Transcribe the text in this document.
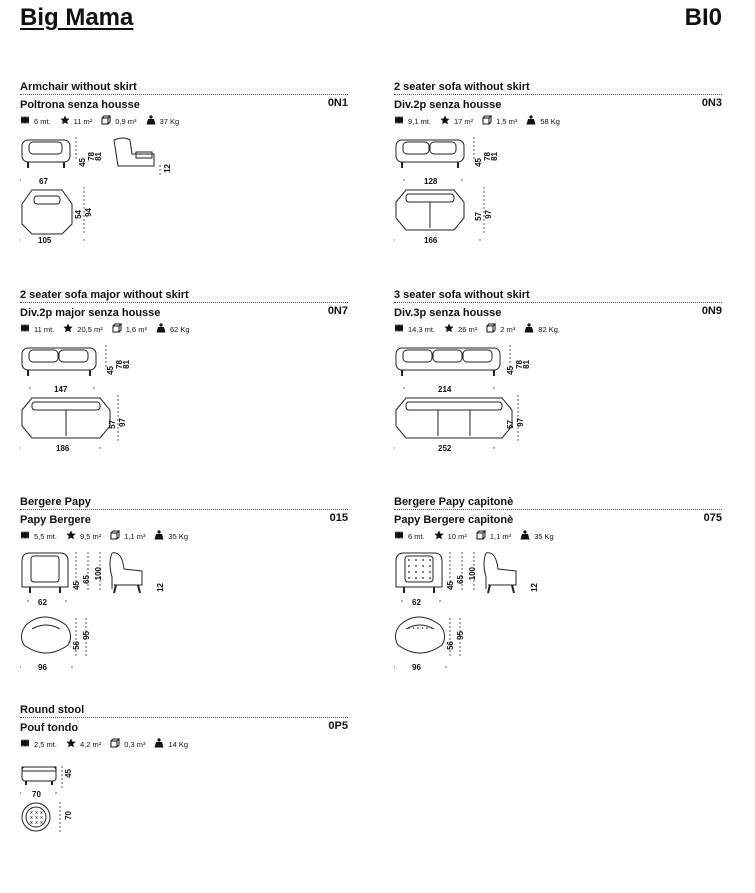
Big Mama	BI0
Armchair without skirt
Poltrona senza housse	0N1
6 mt.	11 m²	0,9 m³	37 Kg
67
45
78
81
12
105
54 94
2 seater sofa without skirt
Div.2p senza housse	0N3
9,1 mt.	17 m²	1,5 m³	58 Kg
128
45
78
81
166
57 97
2 seater sofa major without skirt
Div.2p major senza housse	0N7
11 mt.	20,5 m²	1,6 m³	62 Kg
147
45
78
81
186
57 97
3 seater sofa without skirt
Div.3p senza housse	0N9
14,3 mt.	26 m²	2 m³	82 Kg
214
45
78
81
252
57 97
Bergere Papy
Papy Bergere	015
5,5 mt.	9,5 m²	1,1 m³	35 Kg
62
45
65 100
12
96
56
95
Bergere Papy capitonè
Papy Bergere capitonè	075
6 mt.	10 m²	1,1 m³	35 Kg
62
45
65 100
12
96
56
95
Round stool
Pouf tondo	0P5
2,5 mt.	4,2 m²	0,3 m³	14 Kg
x x x
x x x
x x x
70
45
70
